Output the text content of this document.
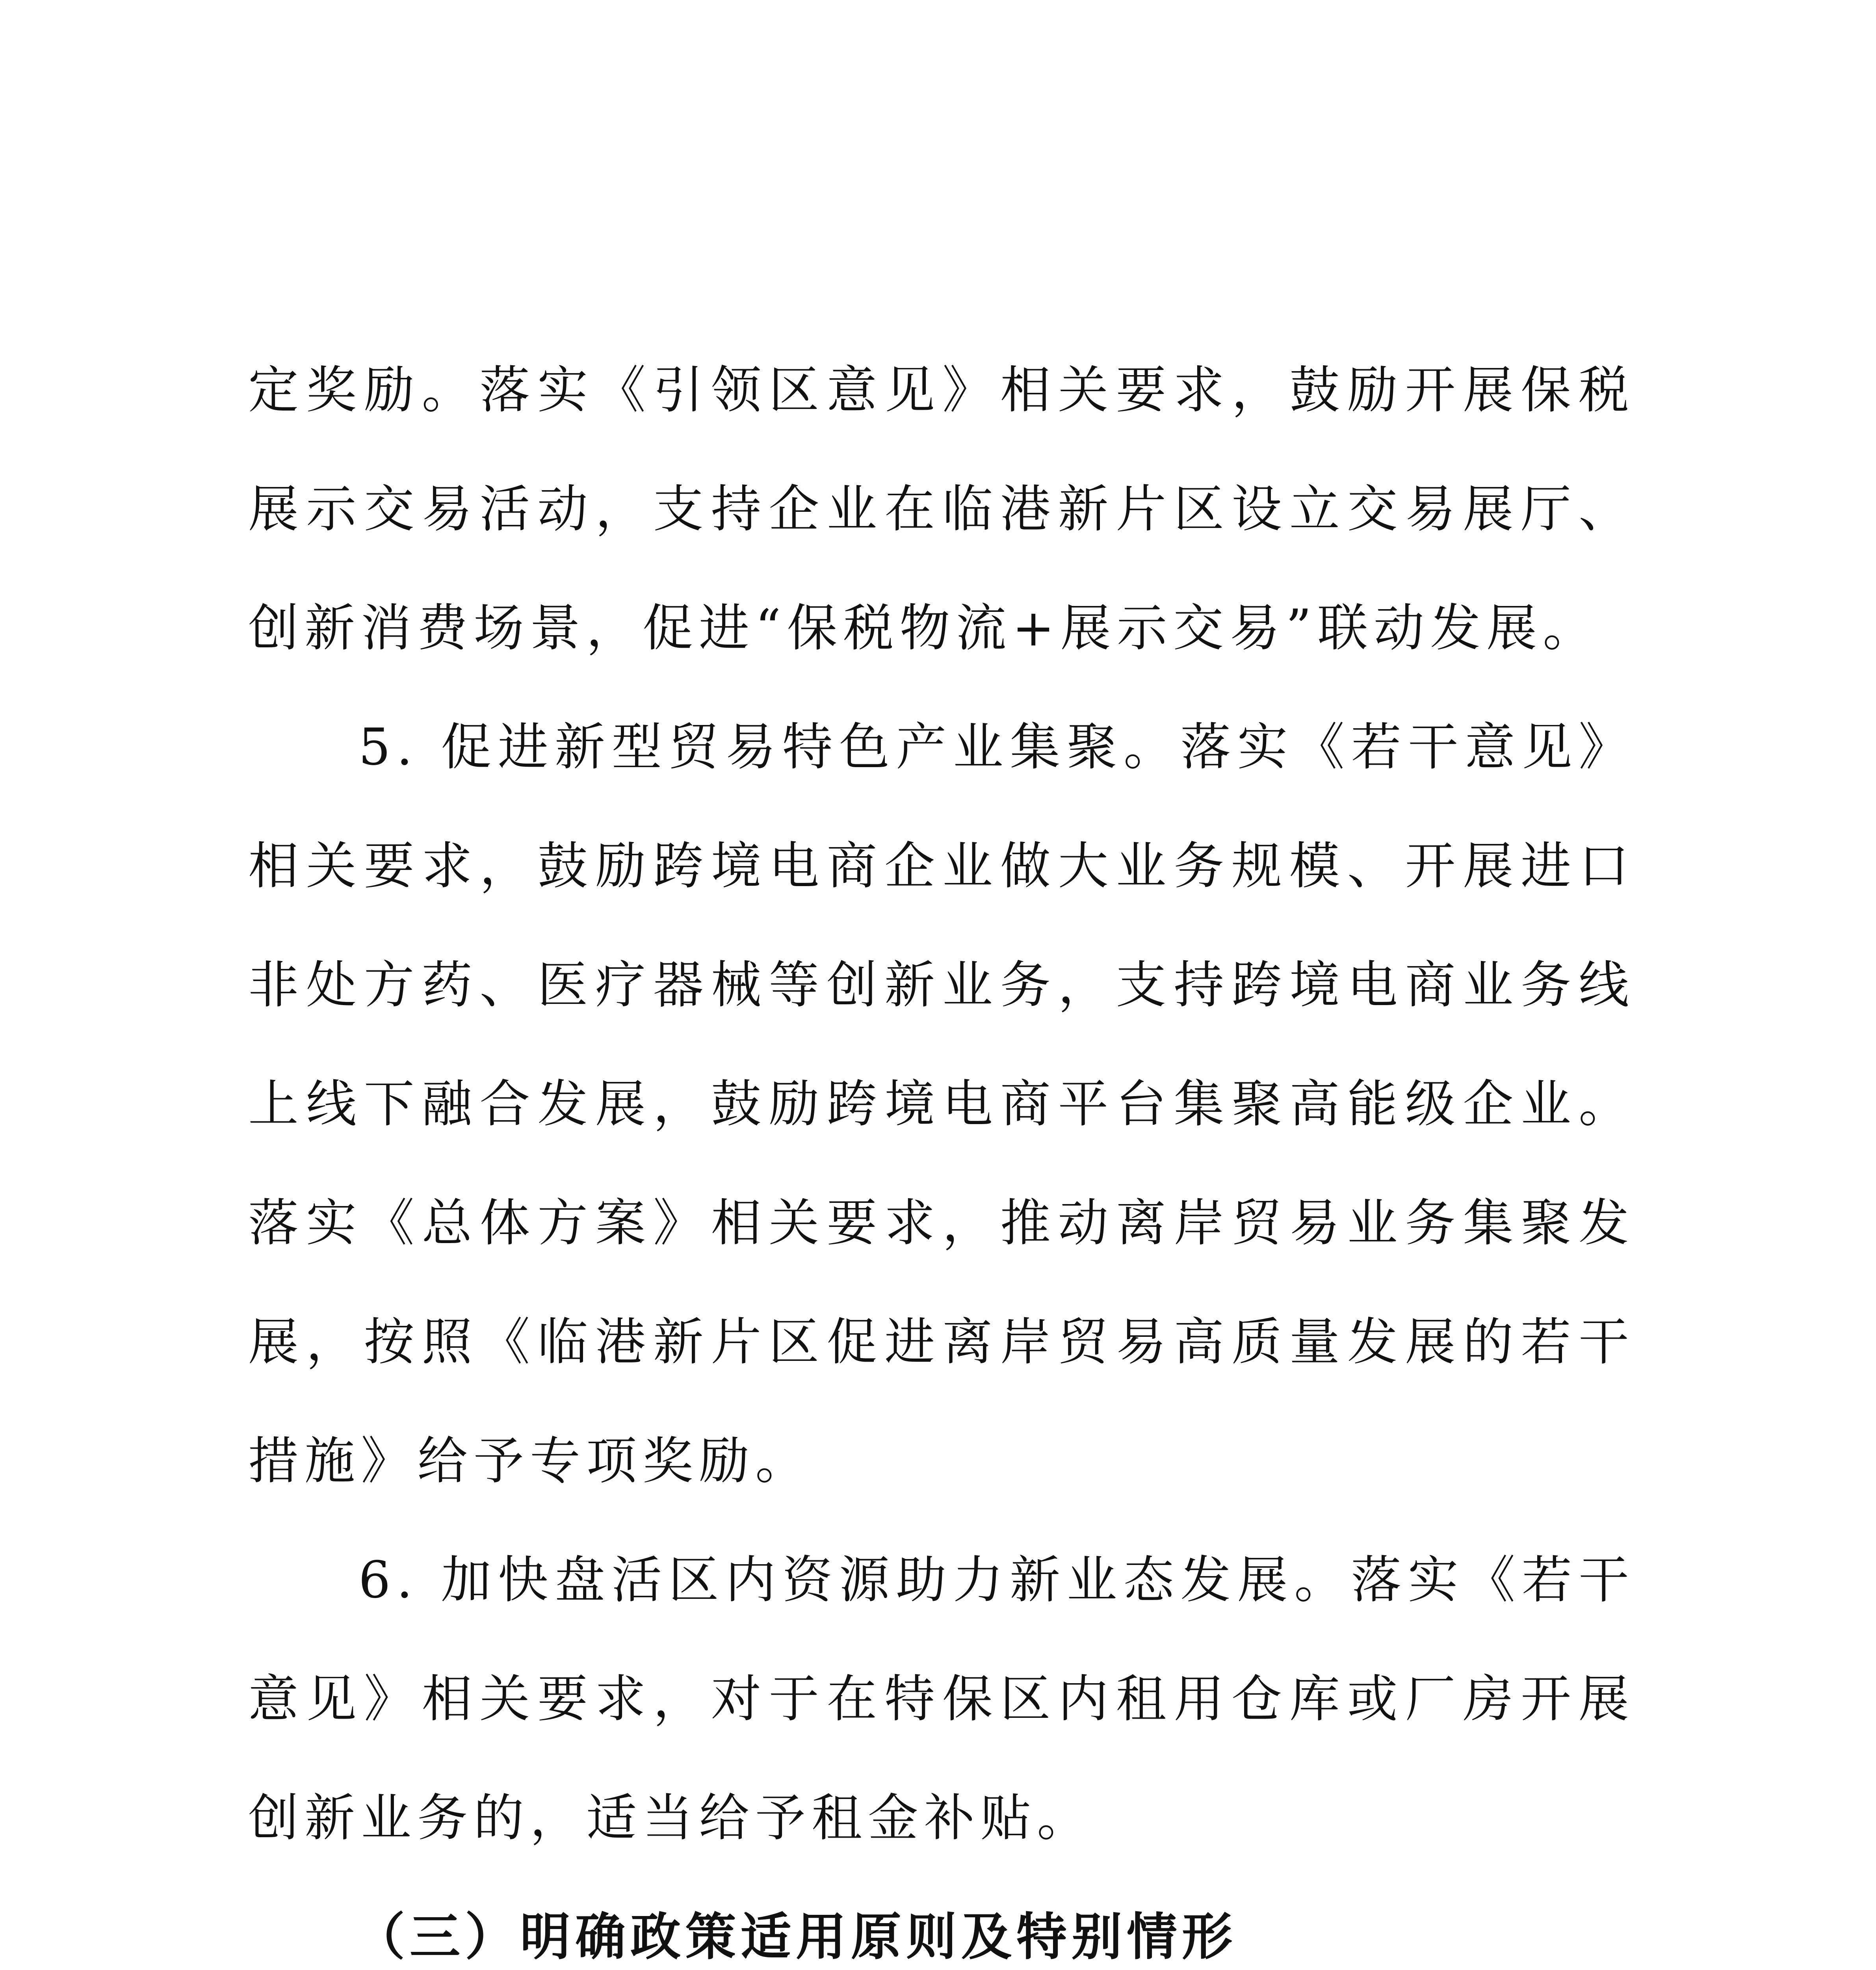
定奖励。落实《引领区意见》相关要求，鼓励开展保税展示交易活动，支持企业在临港新片区设立交易展厅、创新消费场景，促进“保税物流+展示交易”联动发展。

5. 促进新型贸易特色产业集聚。落实《若干意见》相关要求，鼓励跨境电商企业做大业务规模、开展进口非处方药、医疗器械等创新业务，支持跨境电商业务线上线下融合发展，鼓励跨境电商平台集聚高能级企业。落实《总体方案》相关要求，推动离岸贸易业务集聚发展，按照《临港新片区促进离岸贸易高质量发展的若干措施》给予专项奖励。

6. 加快盘活区内资源助力新业态发展。落实《若干意见》相关要求，对于在特保区内租用仓库或厂房开展创新业务的，适当给予租金补贴。

（三）明确政策适用原则及特别情形
